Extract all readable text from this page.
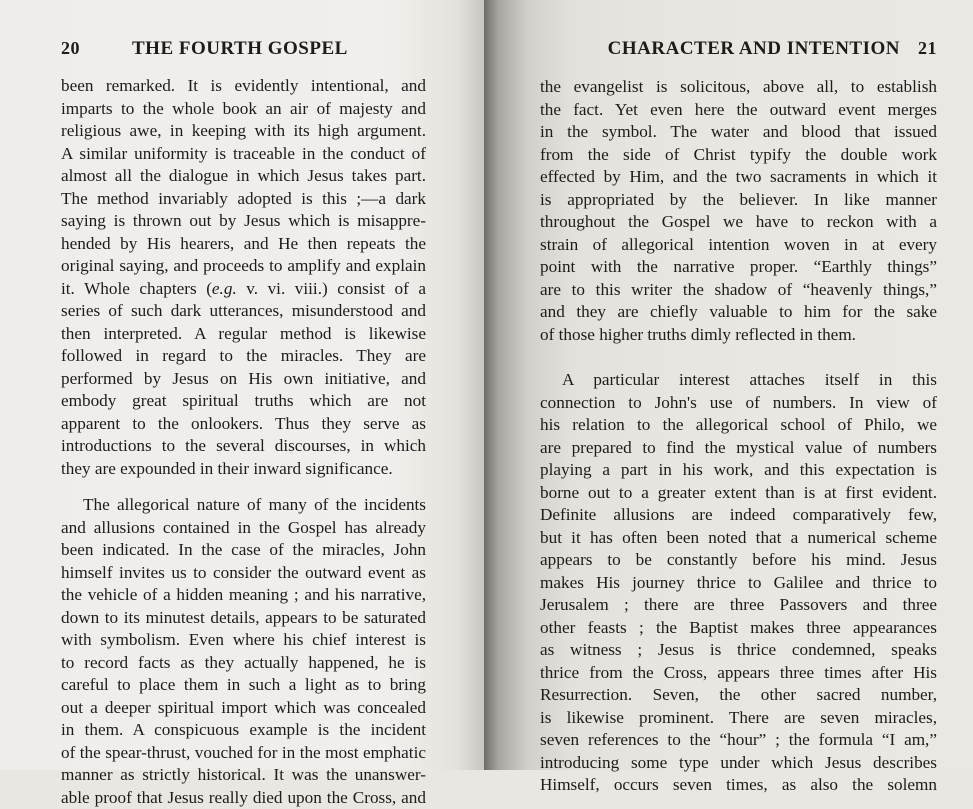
20	THE FOURTH GOSPEL

been remarked. It is evidently intentional, and
imparts to the whole book an air of majesty and
religious awe, in keeping with its high argument.
A similar uniformity is traceable in the conduct of
almost all the dialogue in which Jesus takes part.
The method invariably adopted is this ;—a dark
saying is thrown out by Jesus which is misappre-
hended by His hearers, and He then repeats the
original saying, and proceeds to amplify and explain
it. Whole chapters (e.g. v. vi. viii.) consist of a
series of such dark utterances, misunderstood and
then interpreted. A regular method is likewise
followed in regard to the miracles. They are
performed by Jesus on His own initiative, and
embody great spiritual truths which are not
apparent to the onlookers. Thus they serve as
introductions to the several discourses, in which
they are expounded in their inward significance.

The allegorical nature of many of the incidents
and allusions contained in the Gospel has already
been indicated. In the case of the miracles, John
himself invites us to consider the outward event as
the vehicle of a hidden meaning ; and his narrative,
down to its minutest details, appears to be saturated
with symbolism. Even where his chief interest is
to record facts as they actually happened, he is
careful to place them in such a light as to bring
out a deeper spiritual import which was concealed
in them. A conspicuous example is the incident
of the spear-thrust, vouched for in the most emphatic
manner as strictly historical. It was the unanswer-
able proof that Jesus really died upon the Cross, and

CHARACTER AND INTENTION 21

the evangelist is solicitous, above all, to establish
the fact. Yet even here the outward event merges
in the symbol. The water and blood that issued
from the side of Christ typify the double work
effected by Him, and the two sacraments in which it
is appropriated by the believer. In like manner
throughout the Gospel we have to reckon with a
strain of allegorical intention woven in at every
point with the narrative proper. “Earthly things”
are to this writer the shadow of “heavenly things,”
and they are chiefly valuable to him for the sake
of those higher truths dimly reflected in them.

A particular interest attaches itself in this
connection to John's use of numbers. In view of
his relation to the allegorical school of Philo, we
are prepared to find the mystical value of numbers
playing a part in his work, and this expectation is
borne out to a greater extent than is at first evident.
Definite allusions are indeed comparatively few,
but it has often been noted that a numerical scheme
appears to be constantly before his mind. Jesus
makes His journey thrice to Galilee and thrice to
Jerusalem ; there are three Passovers and three
other feasts ; the Baptist makes three appearances
as witness ; Jesus is thrice condemned, speaks
thrice from the Cross, appears three times after His
Resurrection. Seven, the other sacred number,
is likewise prominent. There are seven miracles,
seven references to the “hour” ; the formula “I am,”
introducing some type under which Jesus describes
Himself, occurs seven times, as also the solemn
